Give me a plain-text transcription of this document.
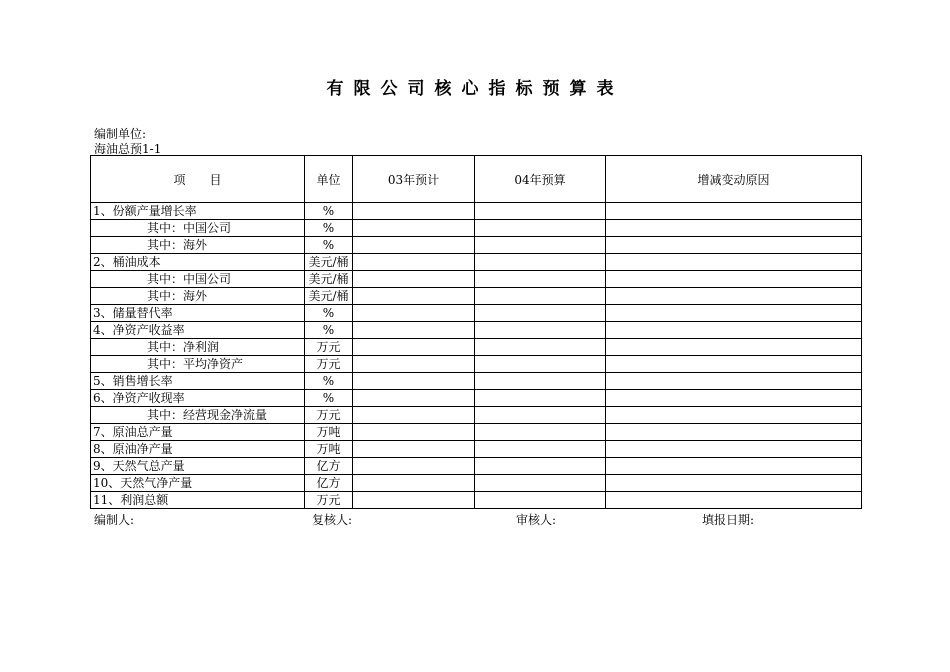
有限公司核心指标预算表
编制单位:
海油总预1-1
项　　目	单位	03年预计	04年预算	增减变动原因
1、份额产量增长率	%			
其中：中国公司	%			
其中：海外	%			
2、桶油成本	美元/桶			
其中：中国公司	美元/桶			
其中：海外	美元/桶			
3、储量替代率	%			
4、净资产收益率	%			
其中：净利润	万元			
其中：平均净资产	万元			
5、销售增长率	%			
6、净资产收现率	%			
其中：经营现金净流量	万元			
7、原油总产量	万吨			
8、原油净产量	万吨			
9、天然气总产量	亿方			
10、天然气净产量	亿方			
11、利润总额	万元			
编制人:	复核人:	审核人:	填报日期:
